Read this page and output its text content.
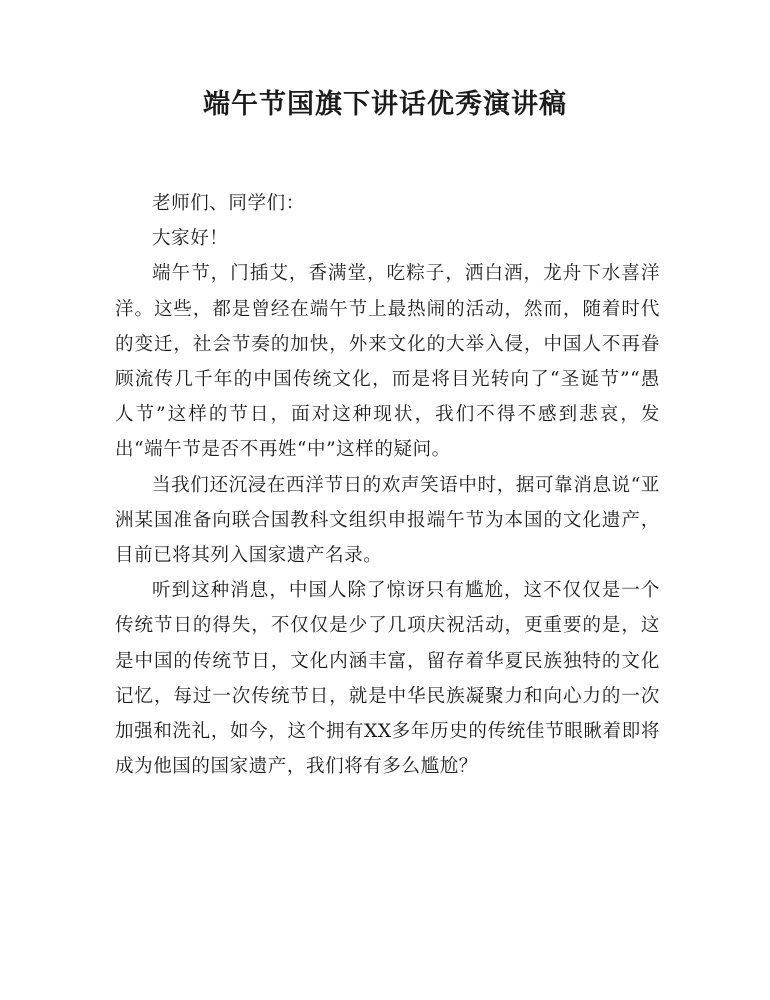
端午节国旗下讲话优秀演讲稿

老师们、同学们：

大家好！

端午节，门插艾，香满堂，吃粽子，洒白酒，龙舟下水喜洋洋。这些，都是曾经在端午节上最热闹的活动，然而，随着时代的变迁，社会节奏的加快，外来文化的大举入侵，中国人不再眷顾流传几千年的中国传统文化，而是将目光转向了“圣诞节”“愚人节”这样的节日，面对这种现状，我们不得不感到悲哀，发出“端午节是否不再姓“中”这样的疑问。

当我们还沉浸在西洋节日的欢声笑语中时，据可靠消息说“亚洲某国准备向联合国教科文组织申报端午节为本国的文化遗产，目前已将其列入国家遗产名录。

听到这种消息，中国人除了惊讶只有尴尬，这不仅仅是一个传统节日的得失，不仅仅是少了几项庆祝活动，更重要的是，这是中国的传统节日，文化内涵丰富，留存着华夏民族独特的文化记忆，每过一次传统节日，就是中华民族凝聚力和向心力的一次加强和洗礼，如今，这个拥有XX多年历史的传统佳节眼瞅着即将成为他国的国家遗产，我们将有多么尴尬？
